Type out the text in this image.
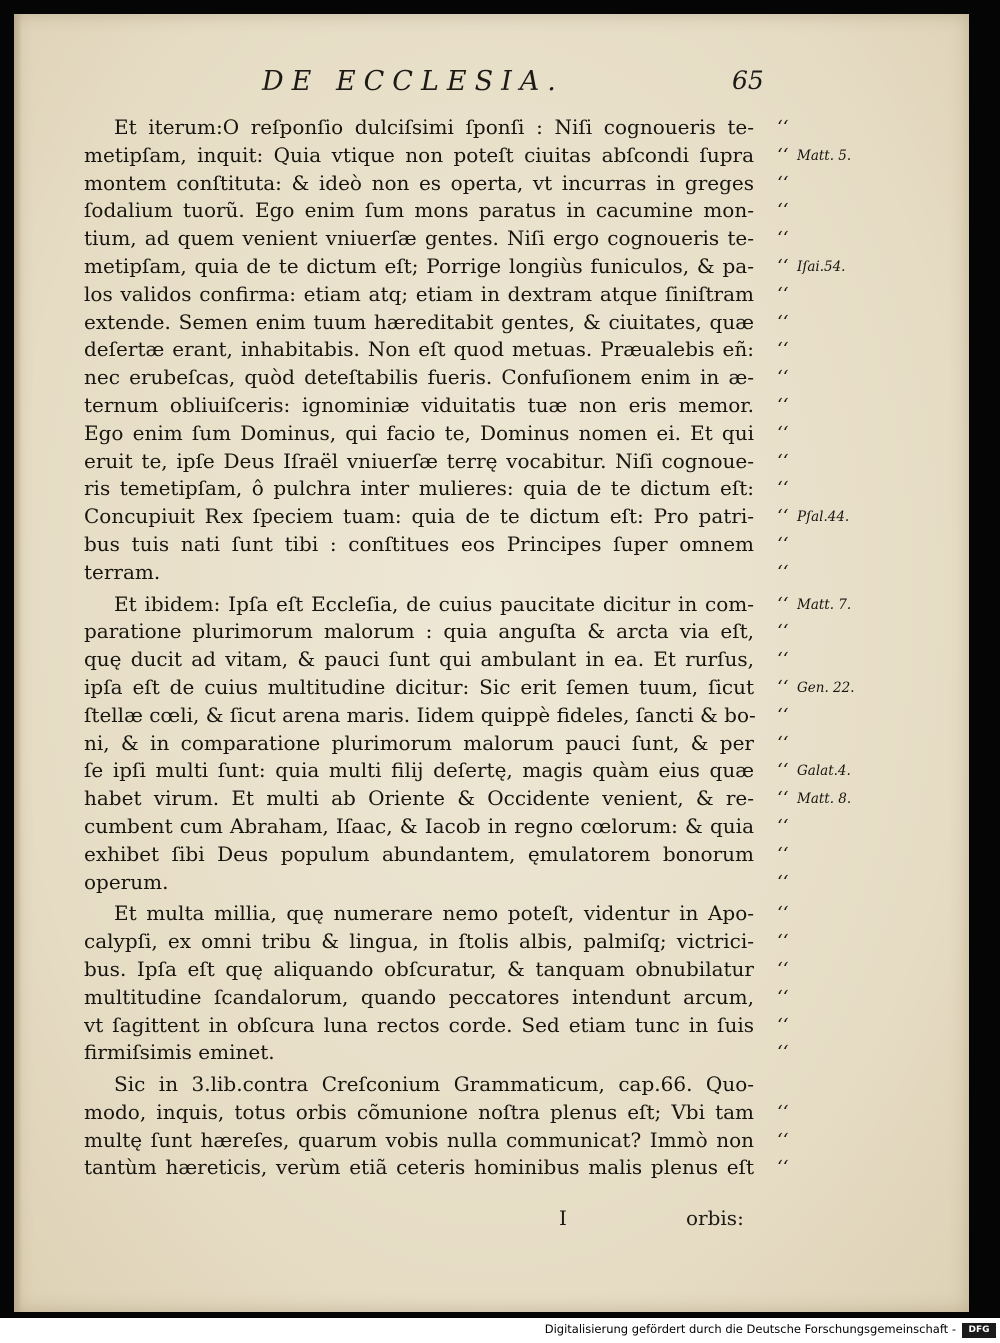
DE ECCLESIA.	65
Et iterum:O reſponſio dulciſsimi ſponſi : Niſi cognoueris te- ‘‘
metipſam, inquit: Quia vtique non poteſt ciuitas abſcondi ſupra ‘‘ Matt. 5.
montem conſtituta: & ideò non es operta, vt incurras in greges ‘‘
ſodalium tuorũ. Ego enim ſum mons paratus in cacumine mon- ‘‘
tium, ad quem venient vniuerſæ gentes. Niſi ergo cognoueris te- ‘‘
metipſam, quia de te dictum eſt; Porrige longiùs funiculos, & pa- ‘‘ Iſai.54.
los validos confirma: etiam atq; etiam in dextram atque ſiniſtram ‘‘
extende. Semen enim tuum hæreditabit gentes, & ciuitates, quæ ‘‘
deſertæ erant, inhabitabis. Non eſt quod metuas. Præualebis eñ: ‘‘
nec erubeſcas, quòd deteſtabilis fueris. Confuſionem enim in æ- ‘‘
ternum obliuiſceris: ignominiæ viduitatis tuæ non eris memor. ‘‘
Ego enim ſum Dominus, qui facio te, Dominus nomen ei. Et qui ‘‘
eruit te, ipſe Deus Iſraël vniuerſæ terrę vocabitur. Niſi cognoue- ‘‘
ris temetipſam, ô pulchra inter mulieres: quia de te dictum eſt: ‘‘
Concupiuit Rex ſpeciem tuam: quia de te dictum eſt: Pro patri- ‘‘ Pſal.44.
bus tuis nati ſunt tibi : conſtitues eos Principes ſuper omnem ‘‘
terram.	‘‘
Et ibidem: Ipſa eſt Eccleſia, de cuius paucitate dicitur in com- ‘‘ Matt. 7.
paratione plurimorum malorum : quia anguſta & arcta via eſt, ‘‘
quę ducit ad vitam, & pauci ſunt qui ambulant in ea. Et rurſus, ‘‘
ipſa eſt de cuius multitudine dicitur: Sic erit ſemen tuum, ſicut ‘‘ Gen. 22.
ſtellæ cœli, & ſicut arena maris. Iidem quippè fideles, ſancti & bo- ‘‘
ni, & in comparatione plurimorum malorum pauci ſunt, & per ‘‘
ſe ipſi multi ſunt: quia multi filij deſertę, magis quàm eius quæ ‘‘ Galat.4.
habet virum. Et multi ab Oriente & Occidente venient, & re- ‘‘ Matt. 8.
cumbent cum Abraham, Iſaac, & Iacob in regno cœlorum: & quia ‘‘
exhibet ſibi Deus populum abundantem, ęmulatorem bonorum ‘‘
operum.	‘‘
Et multa millia, quę numerare nemo poteſt, videntur in Apo- ‘‘
calypſi, ex omni tribu & lingua, in ſtolis albis, palmiſq; victrici- ‘‘
bus. Ipſa eſt quę aliquando obſcuratur, & tanquam obnubilatur ‘‘
multitudine ſcandalorum, quando peccatores intendunt arcum, ‘‘
vt ſagittent in obſcura luna rectos corde. Sed etiam tunc in ſuis ‘‘
firmiſsimis eminet.	‘‘
Sic in 3.lib.contra Creſconium Grammaticum, cap.66. Quo-
modo, inquis, totus orbis cõmunione noſtra plenus eſt; Vbi tam ‘‘
multę ſunt hæreſes, quarum vobis nulla communicat? Immò non ‘‘
tantùm hæreticis, verùm etiã ceteris hominibus malis plenus eſt ‘‘
I	orbis:
Digitalisierung gefördert durch die Deutsche Forschungsgemeinschaft -	DFG
